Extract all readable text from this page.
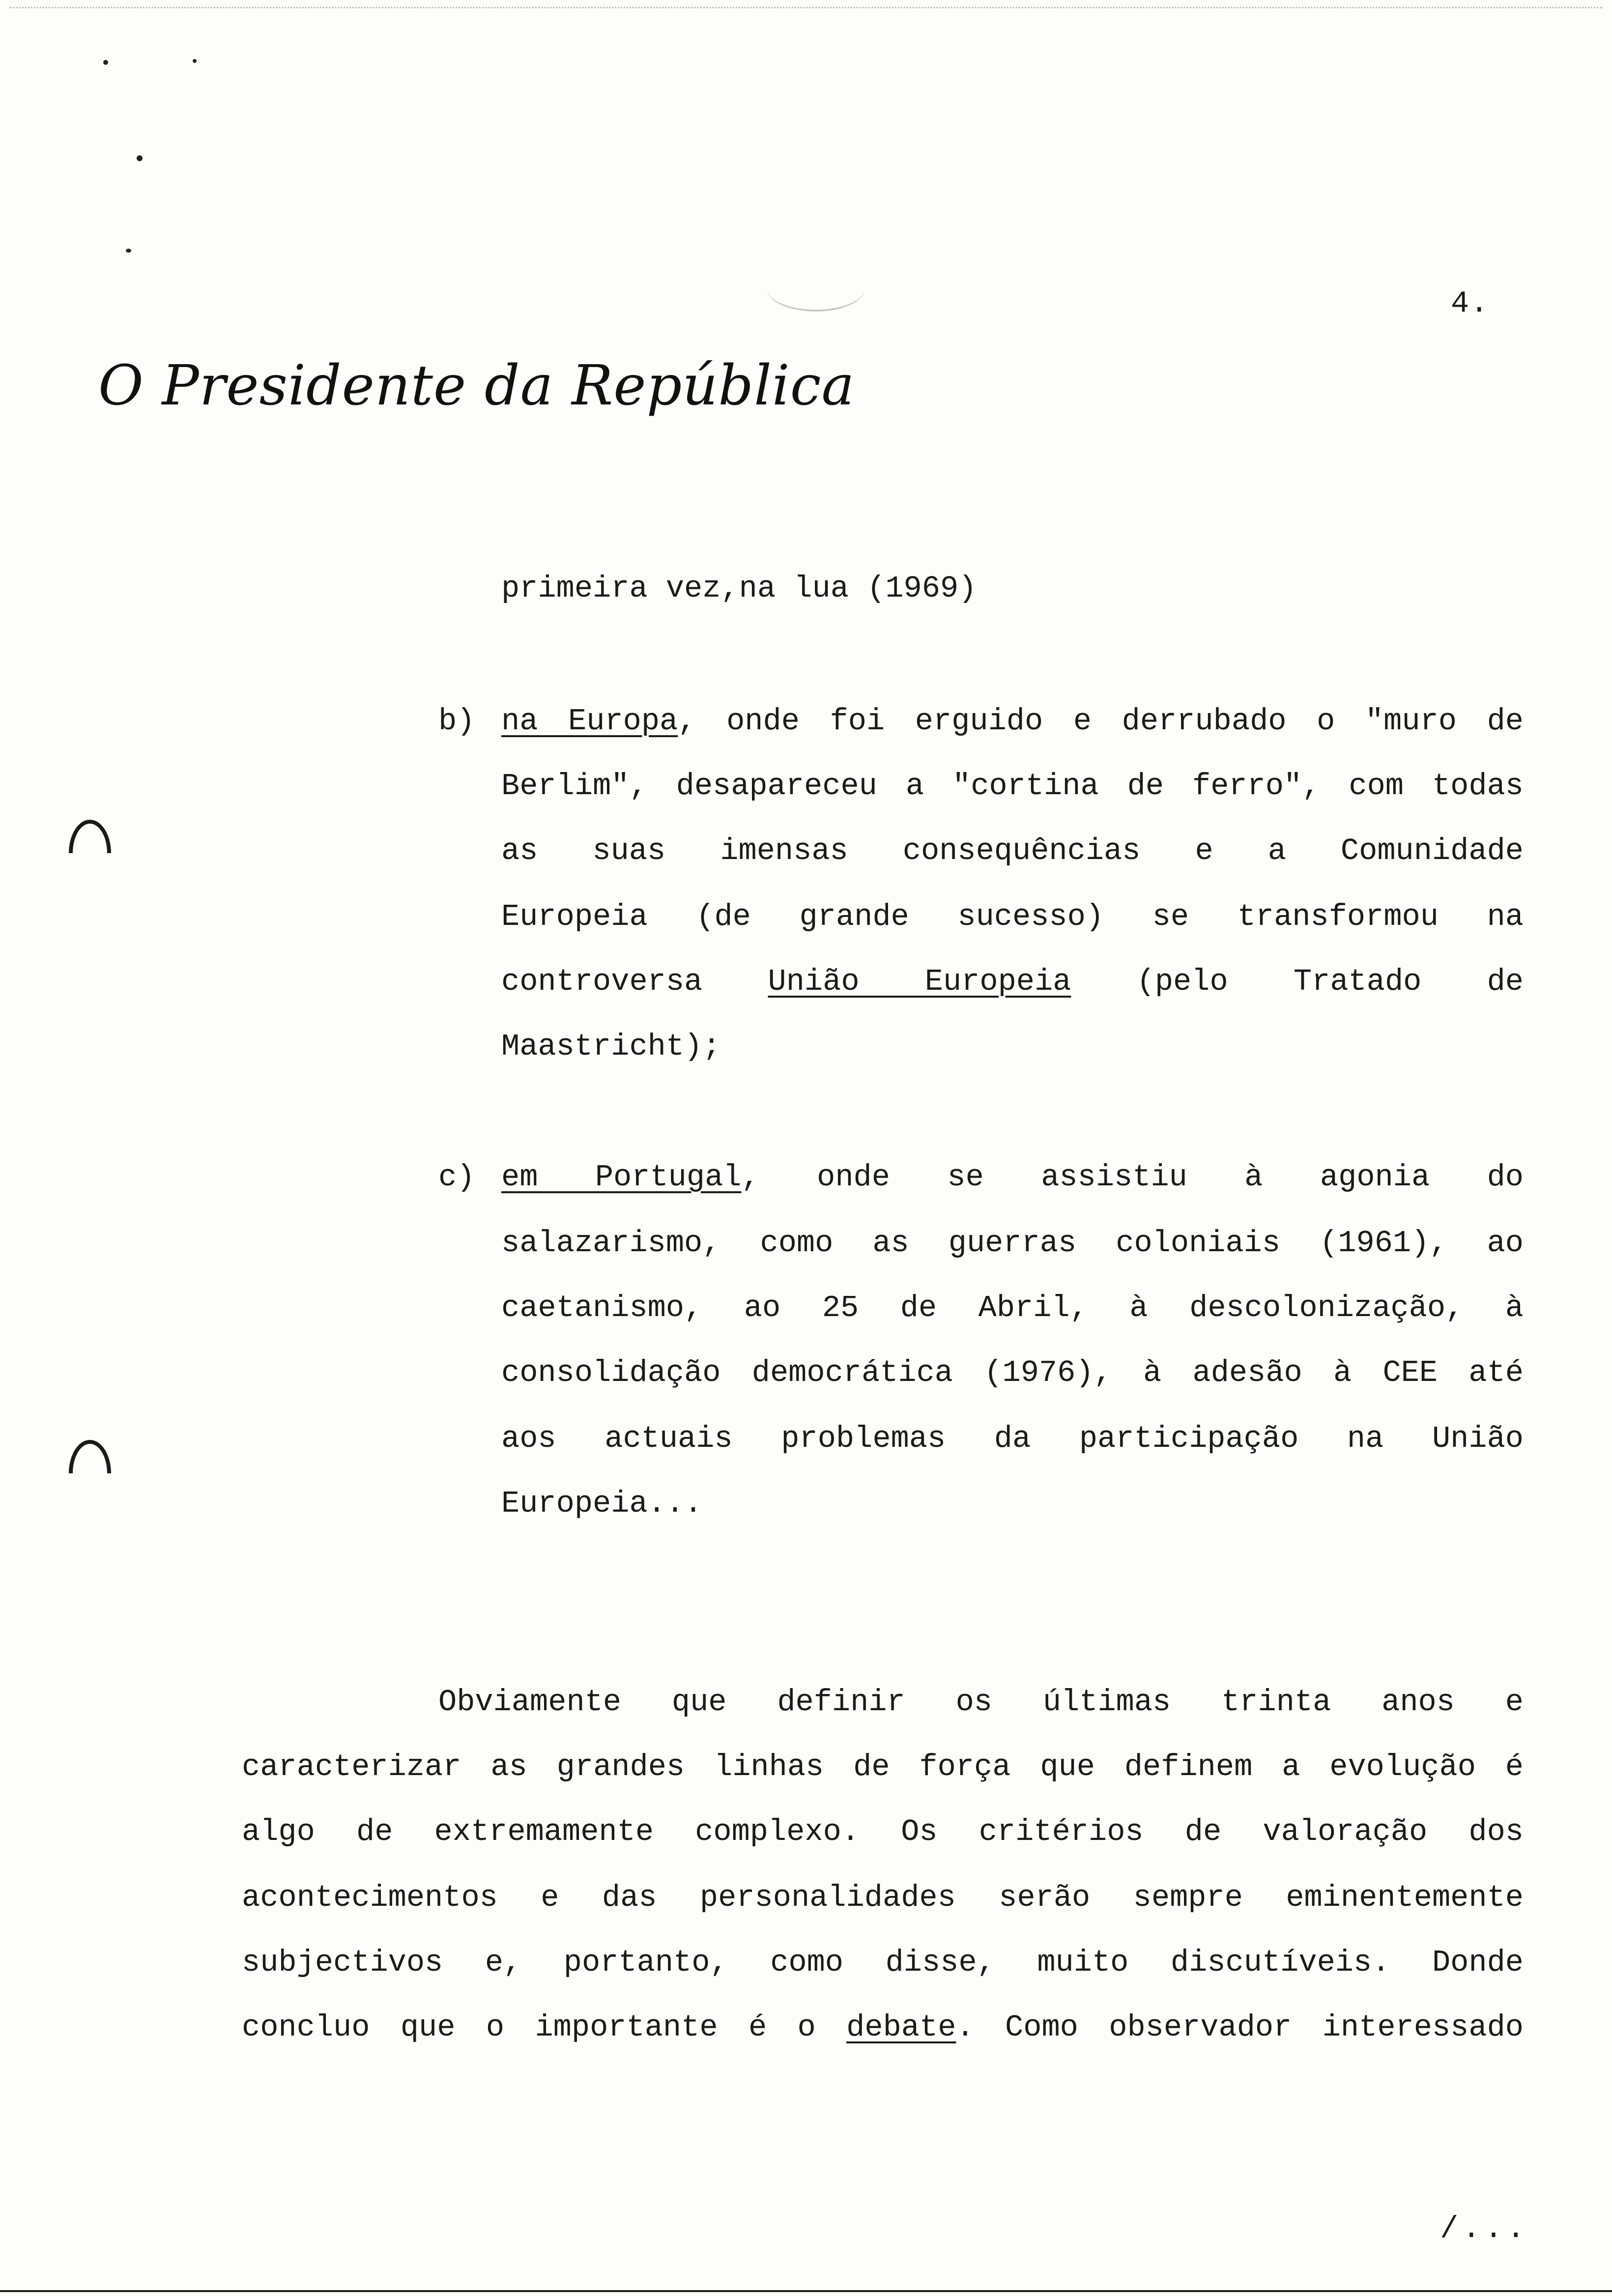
4.
O Presidente da República
primeira vez,na lua (1969)
b) na Europa, onde foi erguido e derrubado o "muro de
Berlim", desapareceu a "cortina de ferro", com todas
as suas imensas consequências e a Comunidade
Europeia (de grande sucesso) se transformou na
controversa União Europeia (pelo Tratado de
Maastricht);
c) em Portugal, onde se assistiu à agonia do
salazarismo, como as guerras coloniais (1961), ao
caetanismo, ao 25 de Abril, à descolonização, à
consolidação democrática (1976), à adesão à CEE até
aos actuais problemas da participação na União
Europeia...
Obviamente que definir os últimas trinta anos e
caracterizar as grandes linhas de força que definem a evolução é
algo de extremamente complexo. Os critérios de valoração dos
acontecimentos e das personalidades serão sempre eminentemente
subjectivos e, portanto, como disse, muito discutíveis. Donde
concluo que o importante é o debate. Como observador interessado
/...
